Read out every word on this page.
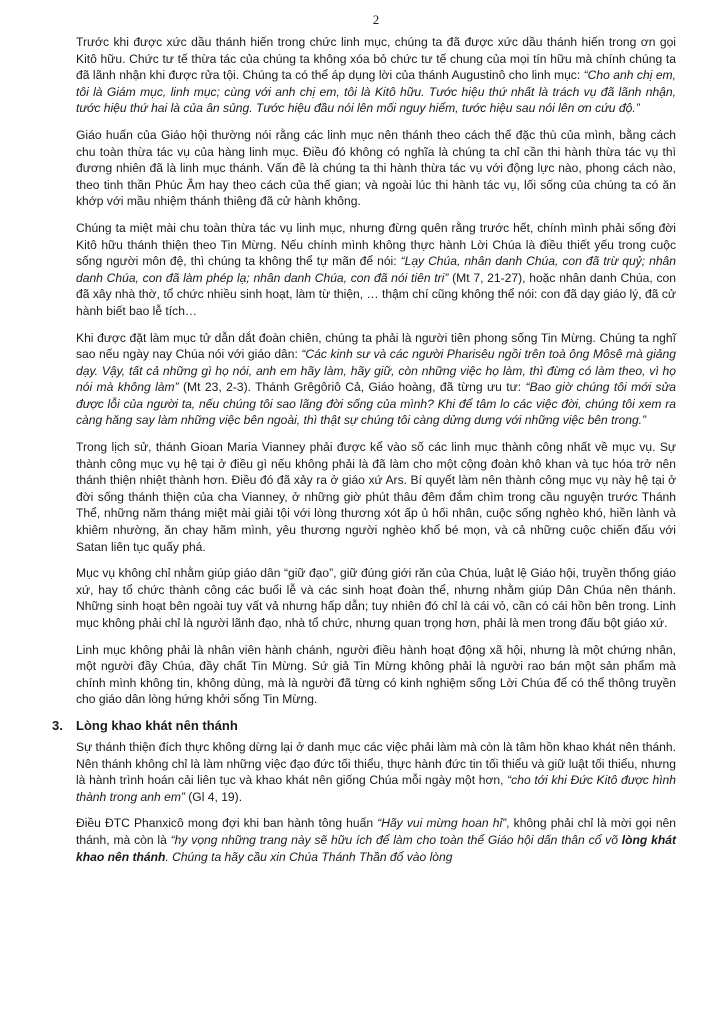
2

Trước khi được xức dầu thánh hiến trong chức linh mục, chúng ta đã được xức dầu thánh hiến trong ơn gọi Kitô hữu. Chức tư tế thừa tác của chúng ta không xóa bỏ chức tư tế chung của mọi tín hữu mà chính chúng ta đã lãnh nhận khi được rửa tội. Chúng ta có thể áp dụng lời của thánh Augustinô cho linh mục: “Cho anh chị em, tôi là Giám mục, linh mục; cùng với anh chị em, tôi là Kitô hữu. Tước hiệu thứ nhất là trách vụ đã lãnh nhận, tước hiệu thứ hai là của ân sủng. Tước hiệu đầu nói lên mối nguy hiểm, tước hiệu sau nói lên ơn cứu độ.”

Giáo huấn của Giáo hội thường nói rằng các linh mục nên thánh theo cách thế đặc thù của mình, bằng cách chu toàn thừa tác vụ của hàng linh mục. Điều đó không có nghĩa là chúng ta chỉ cần thi hành thừa tác vụ thì đương nhiên đã là linh mục thánh. Vấn đề là chúng ta thi hành thừa tác vụ với động lực nào, phong cách nào, theo tinh thần Phúc Âm hay theo cách của thế gian; và ngoài lúc thi hành tác vụ, lối sống của chúng ta có ăn khớp với mầu nhiệm thánh thiêng đã cử hành không.

Chúng ta miệt mài chu toàn thừa tác vụ linh mục, nhưng đừng quên rằng trước hết, chính mình phải sống đời Kitô hữu thánh thiện theo Tin Mừng. Nếu chính mình không thực hành Lời Chúa là điều thiết yếu trong cuộc sống người môn đệ, thì chúng ta không thể tự mãn để nói: “Lạy Chúa, nhân danh Chúa, con đã trừ quỷ; nhân danh Chúa, con đã làm phép lạ; nhân danh Chúa, con đã nói tiên tri” (Mt 7, 21-27), hoặc nhân danh Chúa, con đã xây nhà thờ, tổ chức nhiều sinh hoạt, làm từ thiện, … thậm chí cũng không thể nói: con đã dạy giáo lý, đã cử hành biết bao lễ tích…

Khi được đặt làm mục tử dẫn dắt đoàn chiên, chúng ta phải là người tiên phong sống Tin Mừng. Chúng ta nghĩ sao nếu ngày nay Chúa nói với giáo dân: “Các kinh sư và các người Pharisêu ngồi trên toà ông Môsê mà giảng dạy. Vậy, tất cả những gì họ nói, anh em hãy làm, hãy giữ, còn những việc họ làm, thì đừng có làm theo, vì họ nói mà không làm” (Mt 23, 2-3). Thánh Grêgôriô Cả, Giáo hoàng, đã từng ưu tư: “Bao giờ chúng tôi mới sửa được lỗi của người ta, nếu chúng tôi sao lãng đời sống của mình? Khi để tâm lo các việc đời, chúng tôi xem ra càng hăng say làm những việc bên ngoài, thì thật sự chúng tôi càng dửng dưng với những việc bên trong.”

Trong lịch sử, thánh Gioan Maria Vianney phải được kể vào số các linh mục thành công nhất về mục vụ. Sự thành công mục vụ hệ tại ở điều gì nếu không phải là đã làm cho một cộng đoàn khô khan và tục hóa trở nên thánh thiện nhiệt thành hơn. Điều đó đã xảy ra ở giáo xứ Ars. Bí quyết làm nên thành công mục vụ này hệ tại ở đời sống thánh thiện của cha Vianney, ở những giờ phút thâu đêm đắm chìm trong cầu nguyện trước Thánh Thể, những năm tháng miệt mài giải tội với lòng thương xót ấp ủ hối nhân, cuộc sống nghèo khó, hiền lành và khiêm nhường, ăn chay hãm mình, yêu thương người nghèo khổ bé mọn, và cả những cuộc chiến đấu với Satan liên tục quấy phá.

Mục vụ không chỉ nhằm giúp giáo dân “giữ đạo”, giữ đúng giới răn của Chúa, luật lệ Giáo hội, truyền thống giáo xứ, hay tổ chức thành công các buổi lễ và các sinh hoạt đoàn thể, nhưng nhằm giúp Dân Chúa nên thánh. Những sinh hoạt bên ngoài tuy vất vả nhưng hấp dẫn; tuy nhiên đó chỉ là cái vỏ, cần có cái hồn bên trong. Linh mục không phải chỉ là người lãnh đạo, nhà tổ chức, nhưng quan trọng hơn, phải là men trong đấu bột giáo xứ.

Linh mục không phải là nhân viên hành chánh, người điều hành hoạt động xã hội, nhưng là một chứng nhân, một người đầy Chúa, đầy chất Tin Mừng. Sứ giả Tin Mừng không phải là người rao bán một sản phẩm mà chính mình không tin, không dùng, mà là người đã từng có kinh nghiệm sống Lời Chúa để có thể thông truyền cho giáo dân lòng hứng khởi sống Tin Mừng.

3. Lòng khao khát nên thánh

Sự thánh thiện đích thực không dừng lại ở danh mục các việc phải làm mà còn là tâm hồn khao khát nên thánh. Nên thánh không chỉ là làm những việc đạo đức tối thiểu, thực hành đức tin tối thiểu và giữ luật tối thiểu, nhưng là hành trình hoán cải liên tục và khao khát nên giống Chúa mỗi ngày một hơn, “cho tới khi Đức Kitô được hình thành trong anh em” (Gl 4, 19).

Điều ĐTC Phanxicô mong đợi khi ban hành tông huấn “Hãy vui mừng hoan hỉ”, không phải chỉ là mời gọi nên thánh, mà còn là “hy vọng những trang này sẽ hữu ích để làm cho toàn thể Giáo hội dấn thân cổ võ lòng khát khao nên thánh. Chúng ta hãy cầu xin Chúa Thánh Thần đổ vào lòng
